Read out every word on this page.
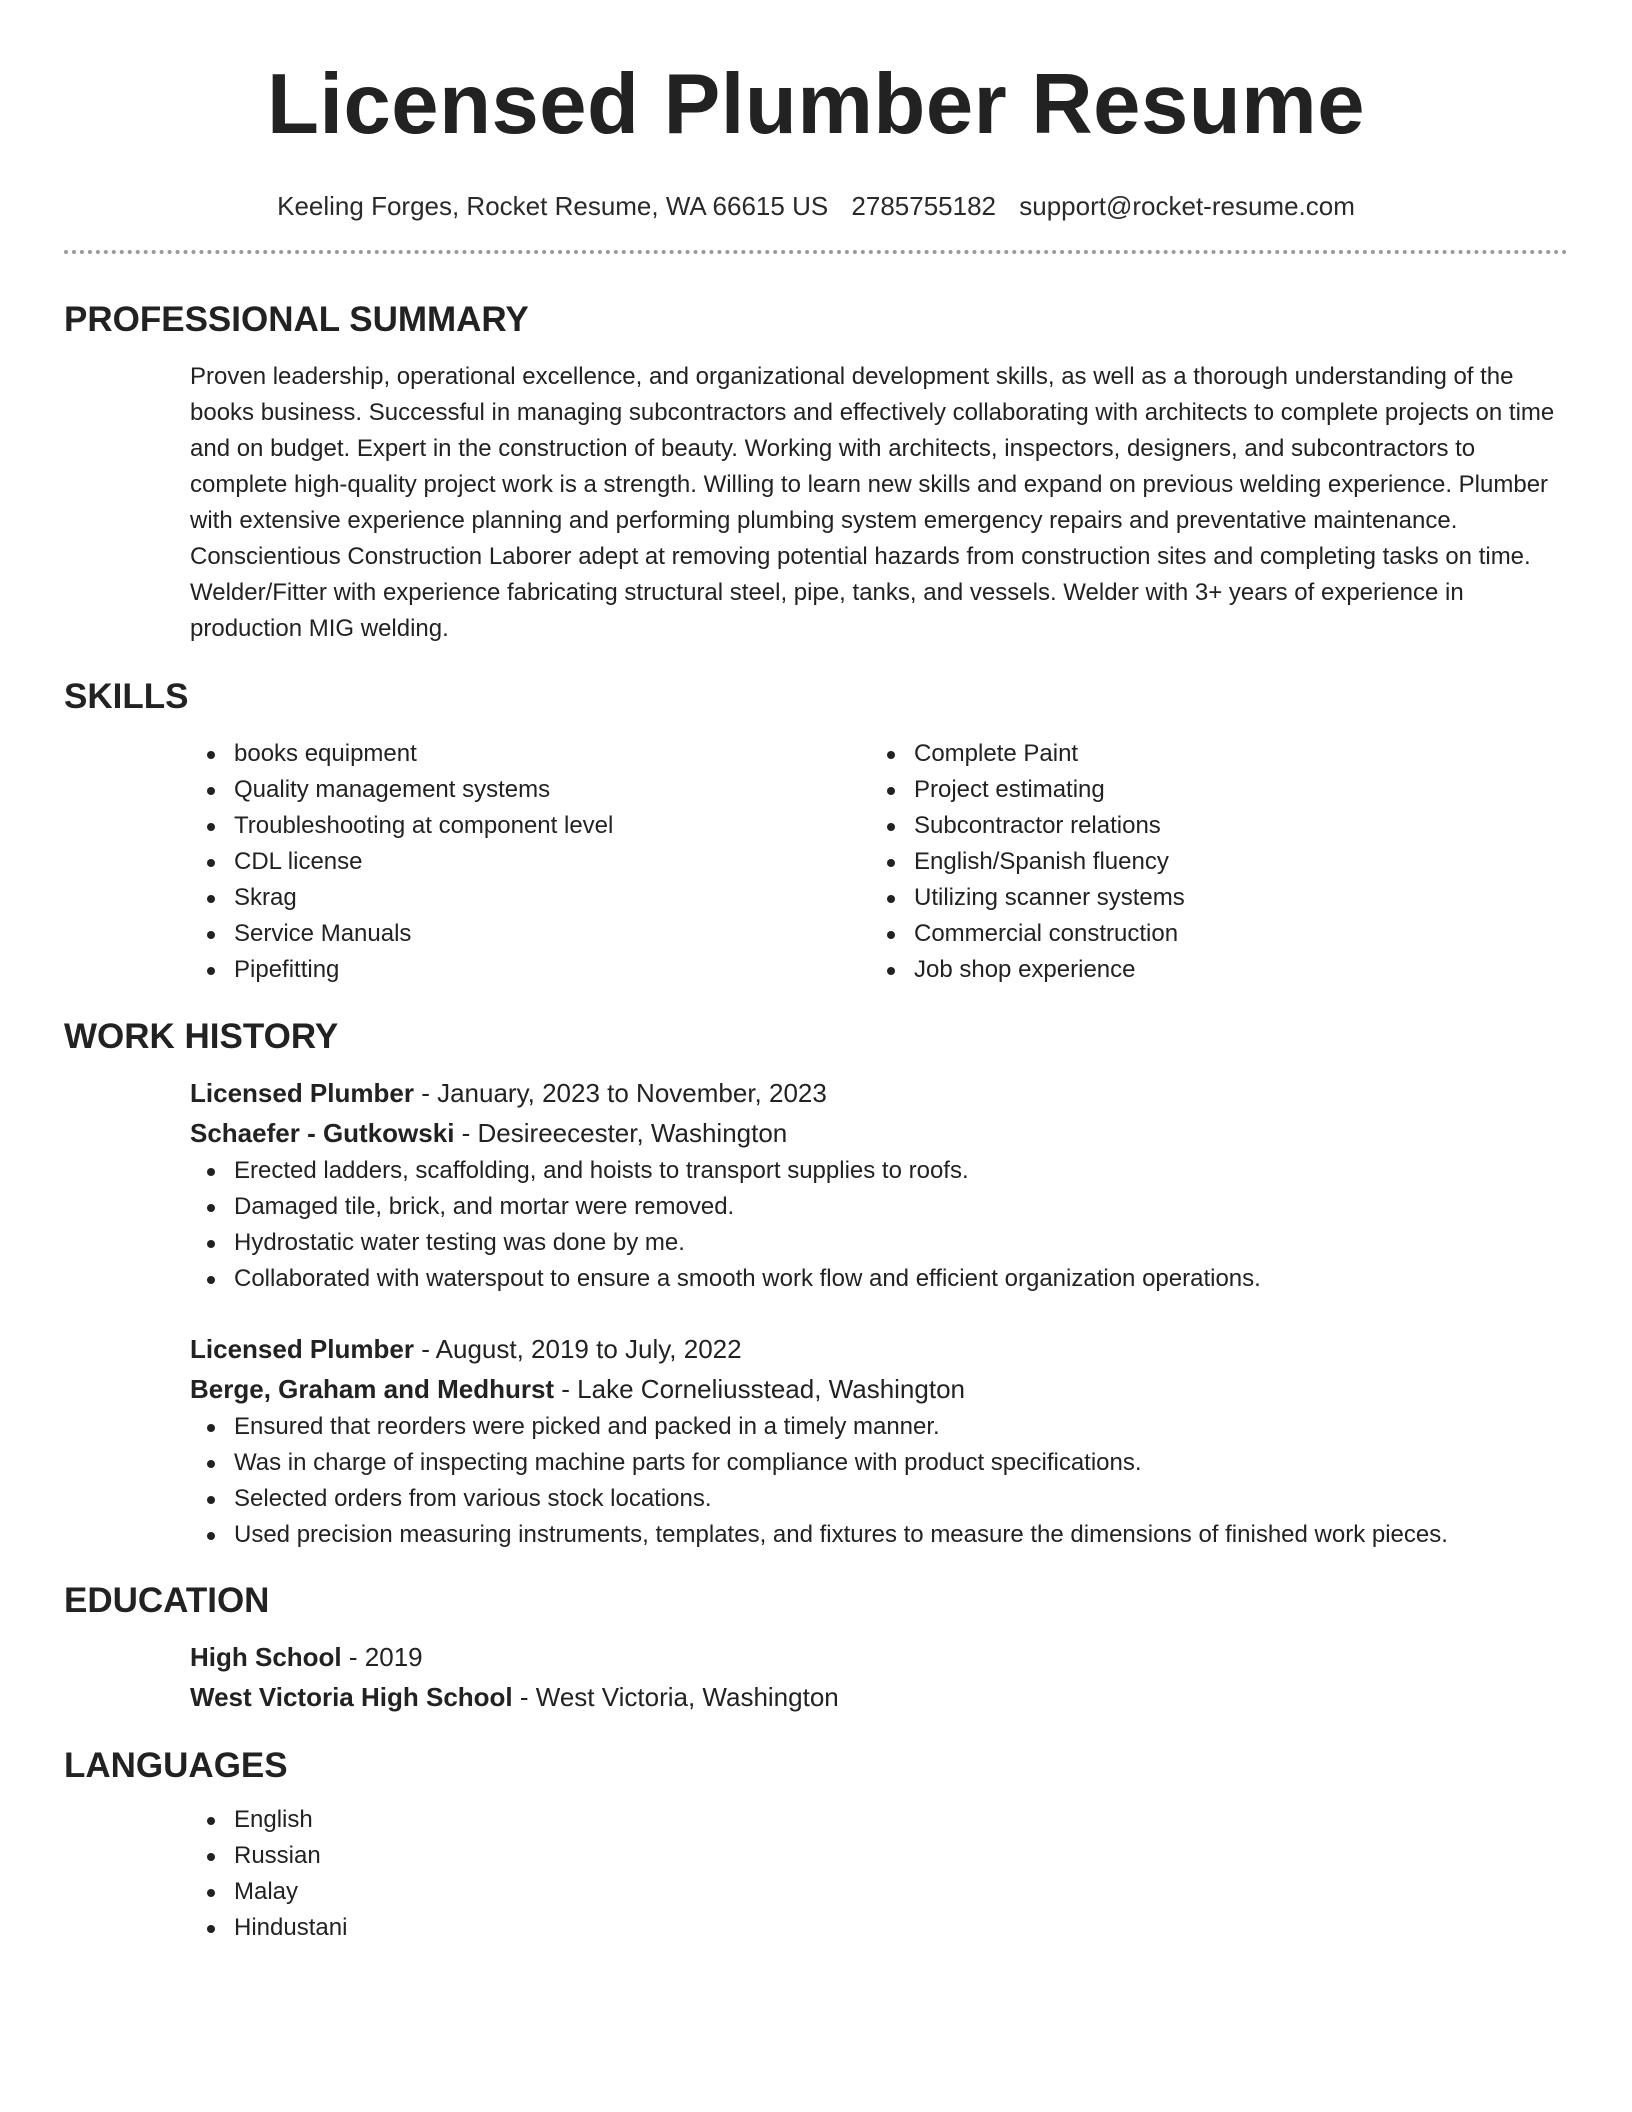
Licensed Plumber Resume
Keeling Forges, Rocket Resume, WA 66615 US 2785755182 support@rocket-resume.com
PROFESSIONAL SUMMARY

Proven leadership, operational excellence, and organizational development skills, as well as a thorough understanding of the books business. Successful in managing subcontractors and effectively collaborating with architects to complete projects on time and on budget. Expert in the construction of beauty. Working with architects, inspectors, designers, and subcontractors to complete high-quality project work is a strength. Willing to learn new skills and expand on previous welding experience. Plumber with extensive experience planning and performing plumbing system emergency repairs and preventative maintenance. Conscientious Construction Laborer adept at removing potential hazards from construction sites and completing tasks on time. Welder/Fitter with experience fabricating structural steel, pipe, tanks, and vessels. Welder with 3+ years of experience in production MIG welding.

SKILLS
books equipment
Quality management systems
Troubleshooting at component level
CDL license
Skrag
Service Manuals
Pipefitting
Complete Paint
Project estimating
Subcontractor relations
English/Spanish fluency
Utilizing scanner systems
Commercial construction
Job shop experience
WORK HISTORY
Licensed Plumber - January, 2023 to November, 2023
Schaefer - Gutkowski - Desireecester, Washington
Erected ladders, scaffolding, and hoists to transport supplies to roofs.
Damaged tile, brick, and mortar were removed.
Hydrostatic water testing was done by me.
Collaborated with waterspout to ensure a smooth work flow and efficient organization operations.
Licensed Plumber - August, 2019 to July, 2022
Berge, Graham and Medhurst - Lake Corneliusstead, Washington
Ensured that reorders were picked and packed in a timely manner.
Was in charge of inspecting machine parts for compliance with product specifications.
Selected orders from various stock locations.
Used precision measuring instruments, templates, and fixtures to measure the dimensions of finished work pieces.
EDUCATION
High School - 2019
West Victoria High School - West Victoria, Washington
LANGUAGES
English
Russian
Malay
Hindustani
